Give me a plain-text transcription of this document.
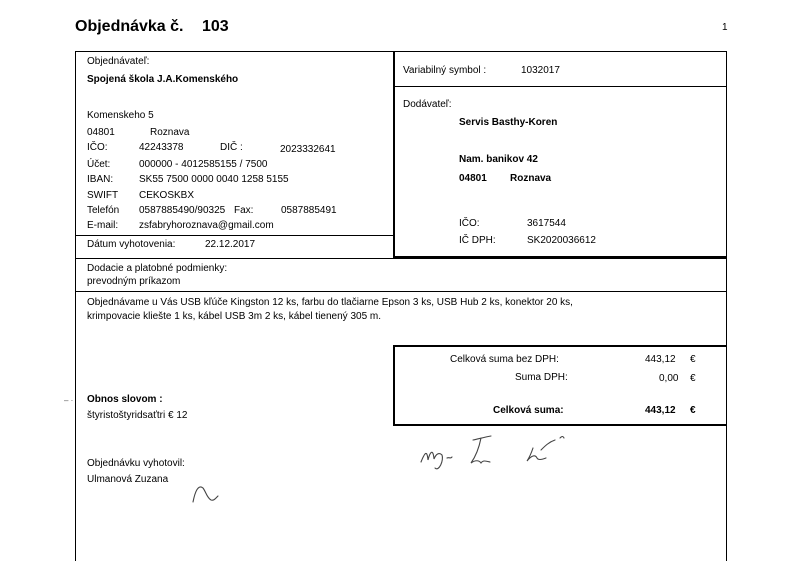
Objednávka č. 103	1
Objednávateľ:
Spojená škola J.A.Komenského
Komenskeho 5
04801	Roznava
IČO:	42243378	DIČ :	2023332641
Účet:	000000 - 4012585155 / 7500
IBAN:	SK55 7500 0000 0040 1258 5155
SWIFT CEKOSKBX
Telefón 0587885490/90325 Fax:	0587885491
E-mail: zsfabryhoroznava@gmail.com
Dátum vyhotovenia:	22.12.2017
Variabilný symbol :	1032017
Dodávateľ:
Servis Basthy-Koren
Nam. banikov 42
04801 Roznava
IČO:	3617544
IČ DPH:	SK2020036612
Dodacie a platobné podmienky:
prevodným príkazom
Objednávame u Vás USB kľúče Kingston 12 ks, farbu do tlačiarne Epson 3 ks, USB Hub 2 ks, konektor 20 ks,
krimpovacie kliešte 1 ks, kábel USB 3m 2 ks, kábel tienený 305 m.
Celková suma bez DPH:	443,12 €
Suma DPH:	0,00 €
Celková suma:	443,12 €
‒ · Obnos slovom :
štyristoštyridsaťtri € 12
Objednávku vyhotovil:
Ulmanová Zuzana
